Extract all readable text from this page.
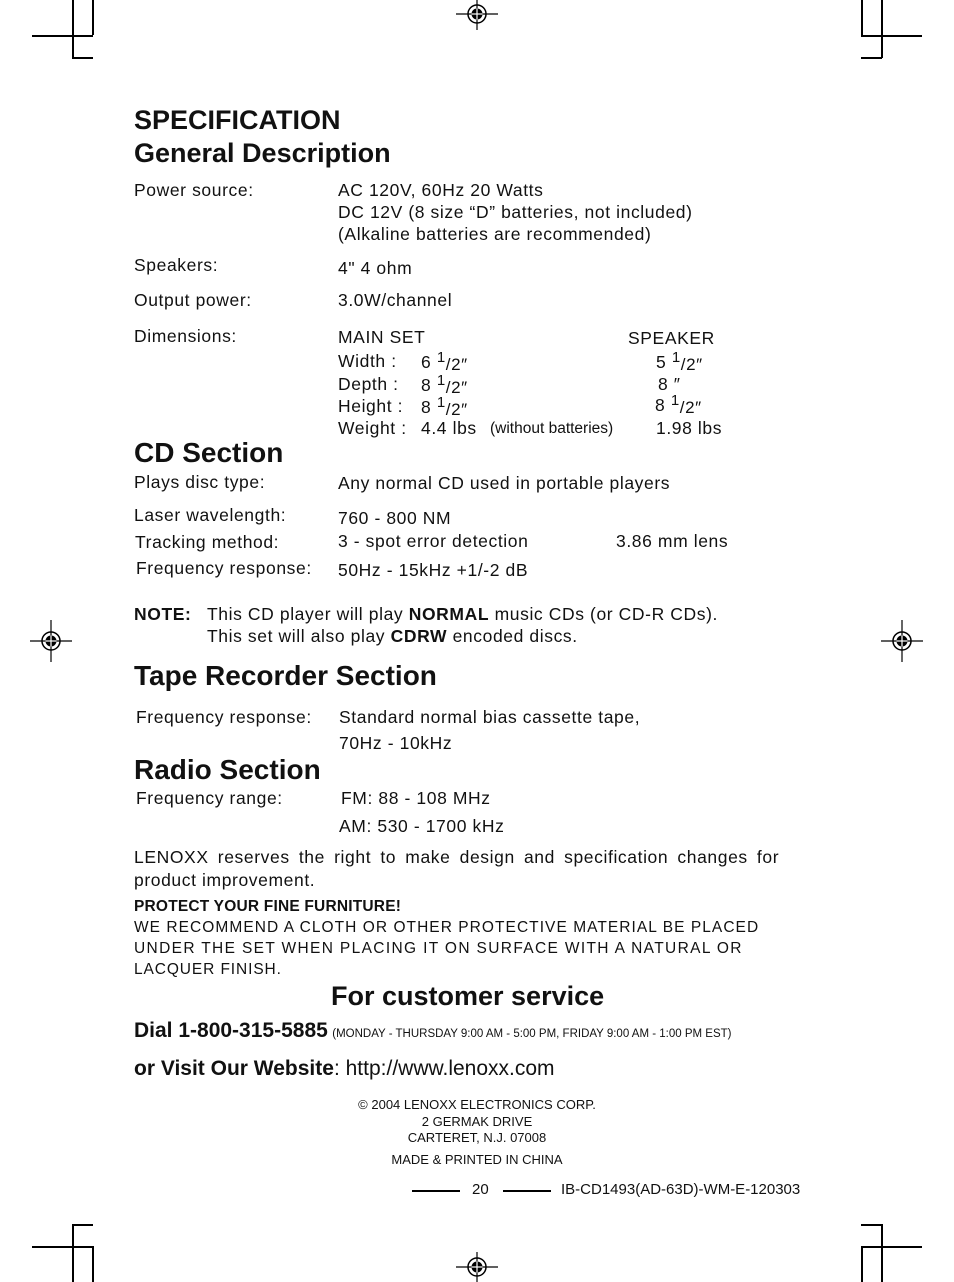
SPECIFICATION
General Description
Power source:	AC 120V, 60Hz 20 Watts
DC 12V (8 size “D” batteries, not included)
(Alkaline batteries are recommended)
Speakers:	4" 4 ohm
Output power:	3.0W/channel
Dimensions:	MAIN SET	SPEAKER
Width : 6 $^1_{/2''}$	5 $^1_{/2''}$
Depth : 8 $^1_{/2''}$	8 ″
Height : 8 $^1_{/2''}$	8 $^1_{/2''}$
Weight : 4.4 lbs (without batteries) 1.98 lbs
CD Section
Plays disc type:	Any normal CD used in portable players
Laser wavelength:	760 - 800 NM
Tracking method:	3 - spot error detection	3.86 mm lens
Frequency response: 50Hz - 15kHz +1/-2 dB
NOTE: This CD player will play NORMAL music CDs (or CD-R CDs).
This set will also play CDRW encoded discs.
Tape Recorder Section
Frequency response: Standard normal bias cassette tape,
70Hz - 10kHz
Radio Section
Frequency range:	FM: 88 - 108 MHz
AM: 530 - 1700 kHz
LENOXX reserves the right to make design and specification changes for
product improvement.
PROTECT YOUR FINE FURNITURE!
WE RECOMMEND A CLOTH OR OTHER PROTECTIVE MATERIAL BE PLACED
UNDER THE SET WHEN PLACING IT ON SURFACE WITH A NATURAL OR
LACQUER FINISH.
For customer service
Dial 1-800-315-5885 (MONDAY - THURSDAY 9:00 AM - 5:00 PM, FRIDAY 9:00 AM - 1:00 PM EST)
or Visit Our Website: http://www.lenoxx.com
© 2004 LENOXX ELECTRONICS CORP.
2 GERMAK DRIVE
CARTERET, N.J. 07008
MADE & PRINTED IN CHINA
20	IB-CD1493(AD-63D)-WM-E-120303
